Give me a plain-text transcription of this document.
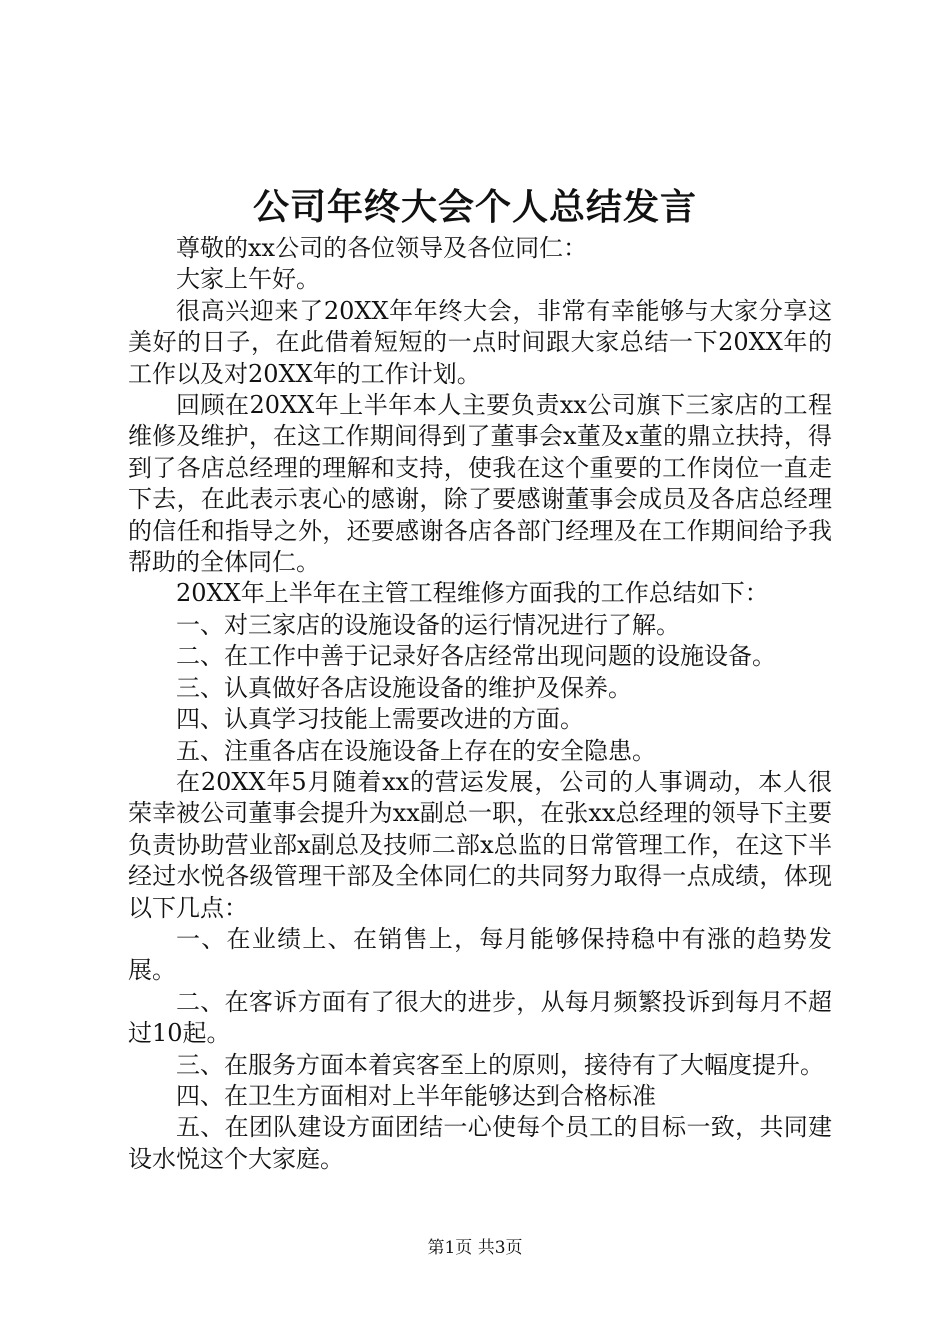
公司年终大会个人总结发言

尊敬的xx公司的各位领导及各位同仁：

大家上午好。

很高兴迎来了20XX年年终大会，非常有幸能够与大家分享这美好的日子，在此借着短短的一点时间跟大家总结一下20XX年的工作以及对20XX年的工作计划。

回顾在20XX年上半年本人主要负责xx公司旗下三家店的工程维修及维护，在这工作期间得到了董事会x董及x董的鼎立扶持，得到了各店总经理的理解和支持，使我在这个重要的工作岗位一直走下去，在此表示衷心的感谢，除了要感谢董事会成员及各店总经理的信任和指导之外，还要感谢各店各部门经理及在工作期间给予我帮助的全体同仁。

20XX年上半年在主管工程维修方面我的工作总结如下：

一、对三家店的设施设备的运行情况进行了解。

二、在工作中善于记录好各店经常出现问题的设施设备。

三、认真做好各店设施设备的维护及保养。

四、认真学习技能上需要改进的方面。

五、注重各店在设施设备上存在的安全隐患。

在20XX年5月随着xx的营运发展，公司的人事调动，本人很荣幸被公司董事会提升为xx副总一职，在张xx总经理的领导下主要负责协助营业部x副总及技师二部x总监的日常管理工作，在这下半经过水悦各级管理干部及全体同仁的共同努力取得一点成绩，体现以下几点：

一、在业绩上、在销售上，每月能够保持稳中有涨的趋势发展。

二、在客诉方面有了很大的进步，从每月频繁投诉到每月不超过10起。

三、在服务方面本着宾客至上的原则，接待有了大幅度提升。

四、在卫生方面相对上半年能够达到合格标准

五、在团队建设方面团结一心使每个员工的目标一致，共同建设水悦这个大家庭。

第1页 共3页
